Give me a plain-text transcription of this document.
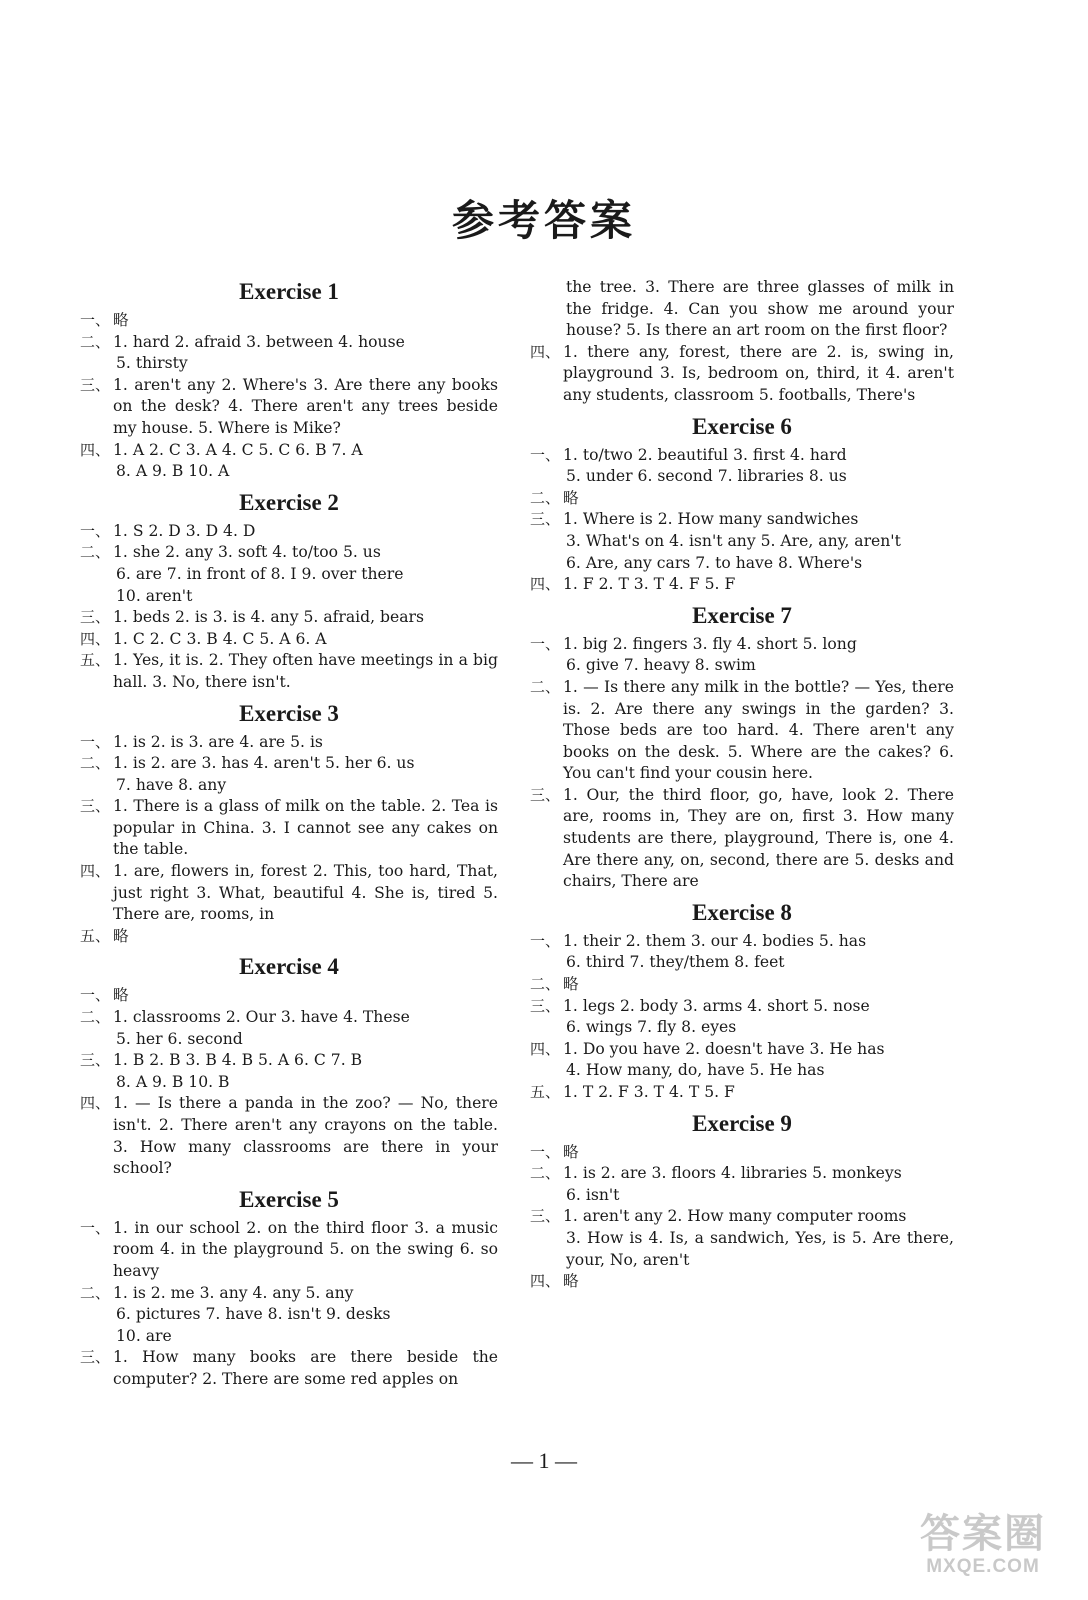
参考答案
Exercise 1
一、 略
二、 1. hard 2. afraid 3. between 4. house
5. thirsty
三、 1. aren't any 2. Where's 3. Are there any books on the desk? 4. There aren't any trees beside my house. 5. Where is Mike?
四、 1. A 2. C 3. A 4. C 5. C 6. B 7. A
8. A 9. B 10. A
Exercise 2
一、 1. S 2. D 3. D 4. D
二、 1. she 2. any 3. soft 4. to/too 5. us
6. are 7. in front of 8. I 9. over there
10. aren't
三、 1. beds 2. is 3. is 4. any 5. afraid, bears
四、 1. C 2. C 3. B 4. C 5. A 6. A
五、 1. Yes, it is. 2. They often have meetings in a big hall. 3. No, there isn't.
Exercise 3
一、 1. is 2. is 3. are 4. are 5. is
二、 1. is 2. are 3. has 4. aren't 5. her 6. us
7. have 8. any
三、 1. There is a glass of milk on the table. 2. Tea is popular in China. 3. I cannot see any cakes on the table.
四、 1. are, flowers in, forest 2. This, too hard, That, just right 3. What, beautiful 4. She is, tired 5. There are, rooms, in
五、 略
Exercise 4
一、 略
二、 1. classrooms 2. Our 3. have 4. These
5. her 6. second
三、 1. B 2. B 3. B 4. B 5. A 6. C 7. B
8. A 9. B 10. B
四、 1. — Is there a panda in the zoo? — No, there isn't. 2. There aren't any crayons on the table. 3. How many classrooms are there in your school?
Exercise 5
一、 1. in our school 2. on the third floor 3. a music room 4. in the playground 5. on the swing 6. so heavy
二、 1. is 2. me 3. any 4. any 5. any
6. pictures 7. have 8. isn't 9. desks
10. are
三、 1. How many books are there beside the computer? 2. There are some red apples on
the tree. 3. There are three glasses of milk in the fridge. 4. Can you show me around your house? 5. Is there an art room on the first floor?
四、 1. there any, forest, there are 2. is, swing in, playground 3. Is, bedroom on, third, it 4. aren't any students, classroom 5. footballs, There's
Exercise 6
一、 1. to/two 2. beautiful 3. first 4. hard
5. under 6. second 7. libraries 8. us
二、 略
三、 1. Where is 2. How many sandwiches
3. What's on 4. isn't any 5. Are, any, aren't
6. Are, any cars 7. to have 8. Where's
四、 1. F 2. T 3. T 4. F 5. F
Exercise 7
一、 1. big 2. fingers 3. fly 4. short 5. long
6. give 7. heavy 8. swim
二、 1. — Is there any milk in the bottle? — Yes, there is. 2. Are there any swings in the garden? 3. Those beds are too hard. 4. There aren't any books on the desk. 5. Where are the cakes? 6. You can't find your cousin here.
三、 1. Our, the third floor, go, have, look 2. There are, rooms in, They are on, first 3. How many students are there, playground, There is, one 4. Are there any, on, second, there are 5. desks and chairs, There are
Exercise 8
一、 1. their 2. them 3. our 4. bodies 5. has
6. third 7. they/them 8. feet
二、 略
三、 1. legs 2. body 3. arms 4. short 5. nose
6. wings 7. fly 8. eyes
四、 1. Do you have 2. doesn't have 3. He has
4. How many, do, have 5. He has
五、 1. T 2. F 3. T 4. T 5. F
Exercise 9
一、 略
二、 1. is 2. are 3. floors 4. libraries 5. monkeys
6. isn't
三、 1. aren't any 2. How many computer rooms
3. How is 4. Is, a sandwich, Yes, is 5. Are there, your, No, aren't
四、 略
— 1 —
答案圈
MXQE.COM
